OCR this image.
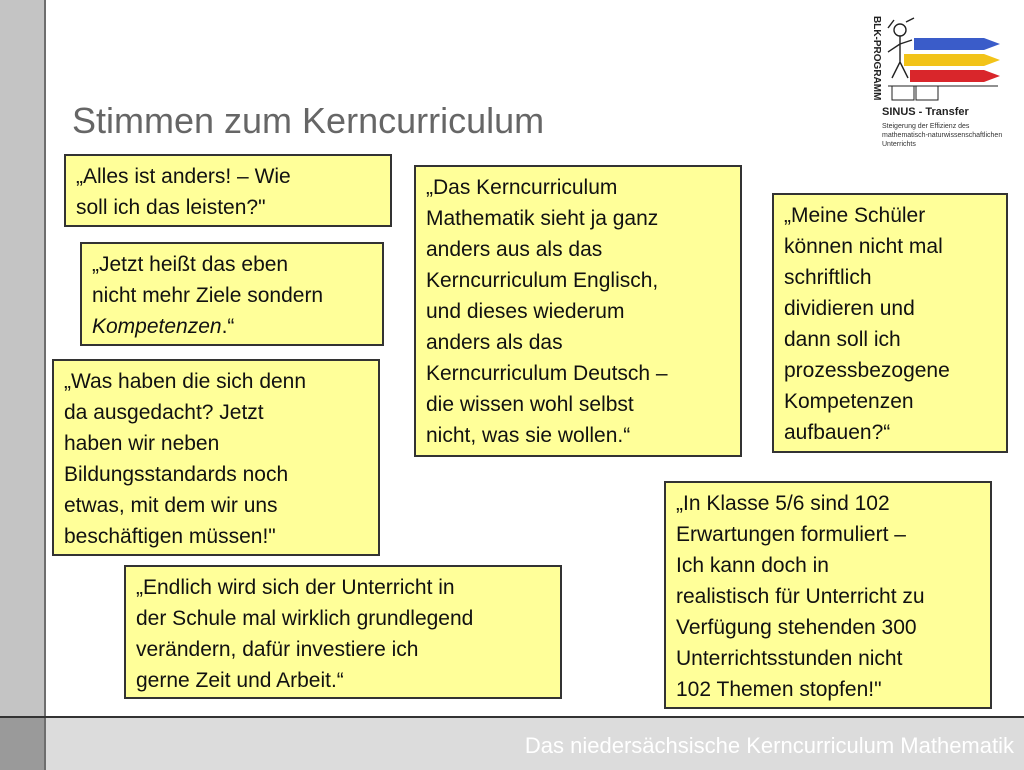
Stimmen zum Kerncurriculum
BLK-PROGRAMM
SINUS - Transfer
Steigerung der Effizienz des mathematisch-naturwissenschaftlichen Unterrichts

„Alles ist anders! – Wie
soll ich das leisten?"

„Jetzt heißt das eben
nicht mehr Ziele sondern
Kompetenzen.“

„Was haben die sich denn
da ausgedacht? Jetzt
haben wir neben
Bildungsstandards noch
etwas, mit dem wir uns
beschäftigen müssen!"

„Endlich wird sich der Unterricht in
der Schule mal wirklich grundlegend
verändern, dafür investiere ich
gerne Zeit und Arbeit.“

„Das Kerncurriculum
Mathematik sieht ja ganz
anders aus als das
Kerncurriculum Englisch,
und dieses wiederum
anders als das
Kerncurriculum Deutsch –
die wissen wohl selbst
nicht, was sie wollen.“

„Meine Schüler
können nicht mal
schriftlich
dividieren und
dann soll ich
prozessbezogene
Kompetenzen
aufbauen?“

„In Klasse 5/6 sind 102
Erwartungen formuliert –
Ich kann doch in
realistisch für Unterricht zu
Verfügung stehenden 300
Unterrichtsstunden nicht
102 Themen stopfen!"

Das niedersächsische Kerncurriculum Mathematik
